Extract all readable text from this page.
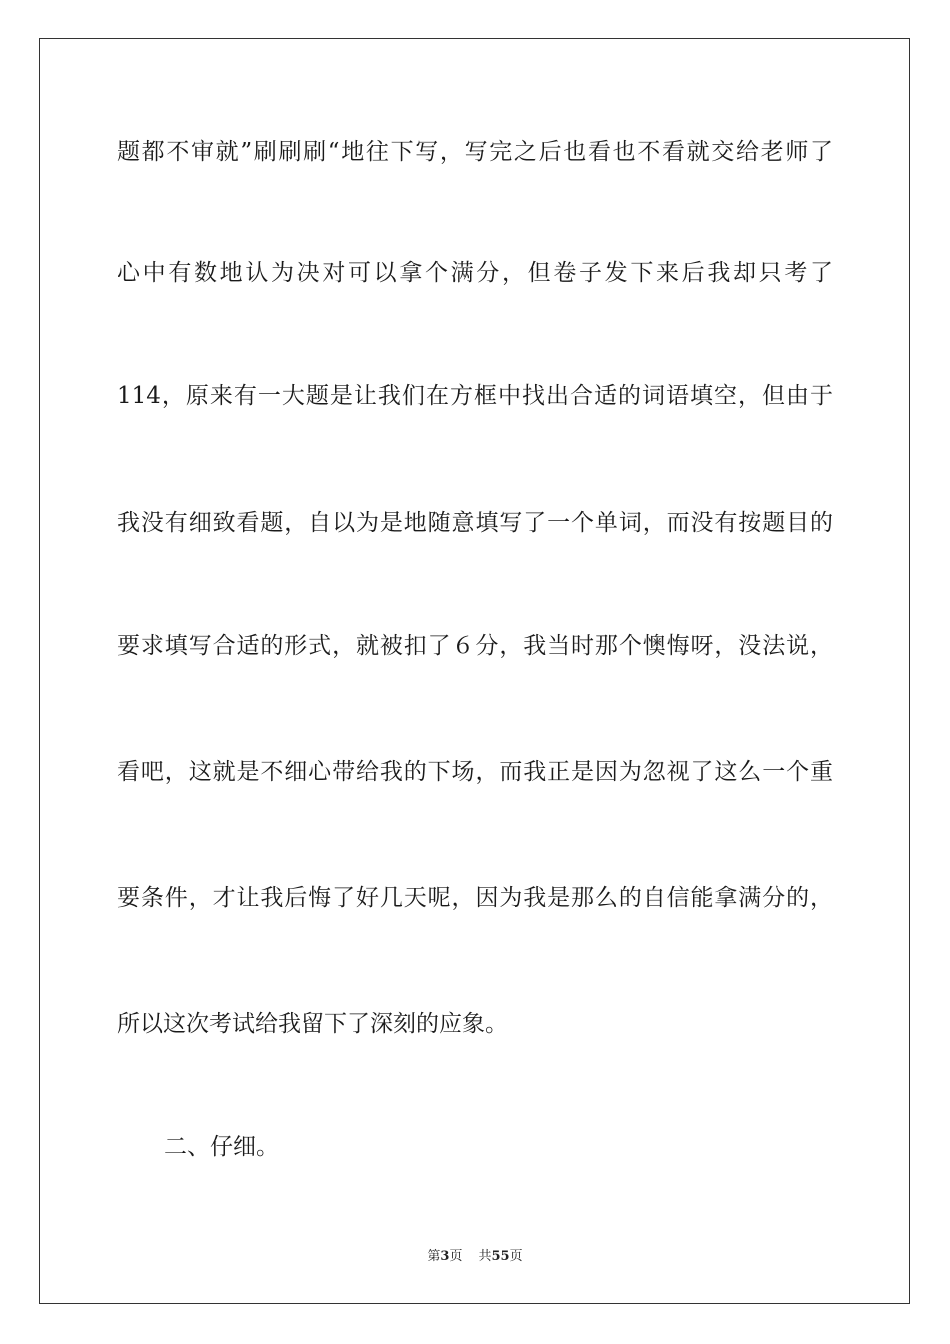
题都不审就”刷刷刷“地往下写，写完之后也看也不看就交给老师了
心中有数地认为决对可以拿个满分，但卷子发下来后我却只考了
114，原来有一大题是让我们在方框中找出合适的词语填空，但由于
我没有细致看题，自以为是地随意填写了一个单词，而没有按题目的
要求填写合适的形式，就被扣了６分，我当时那个懊悔呀，没法说，
看吧，这就是不细心带给我的下场，而我正是因为忽视了这么一个重
要条件，才让我后悔了好几天呢，因为我是那么的自信能拿满分的，
所以这次考试给我留下了深刻的应象。
二、仔细。
第3页 共55页
